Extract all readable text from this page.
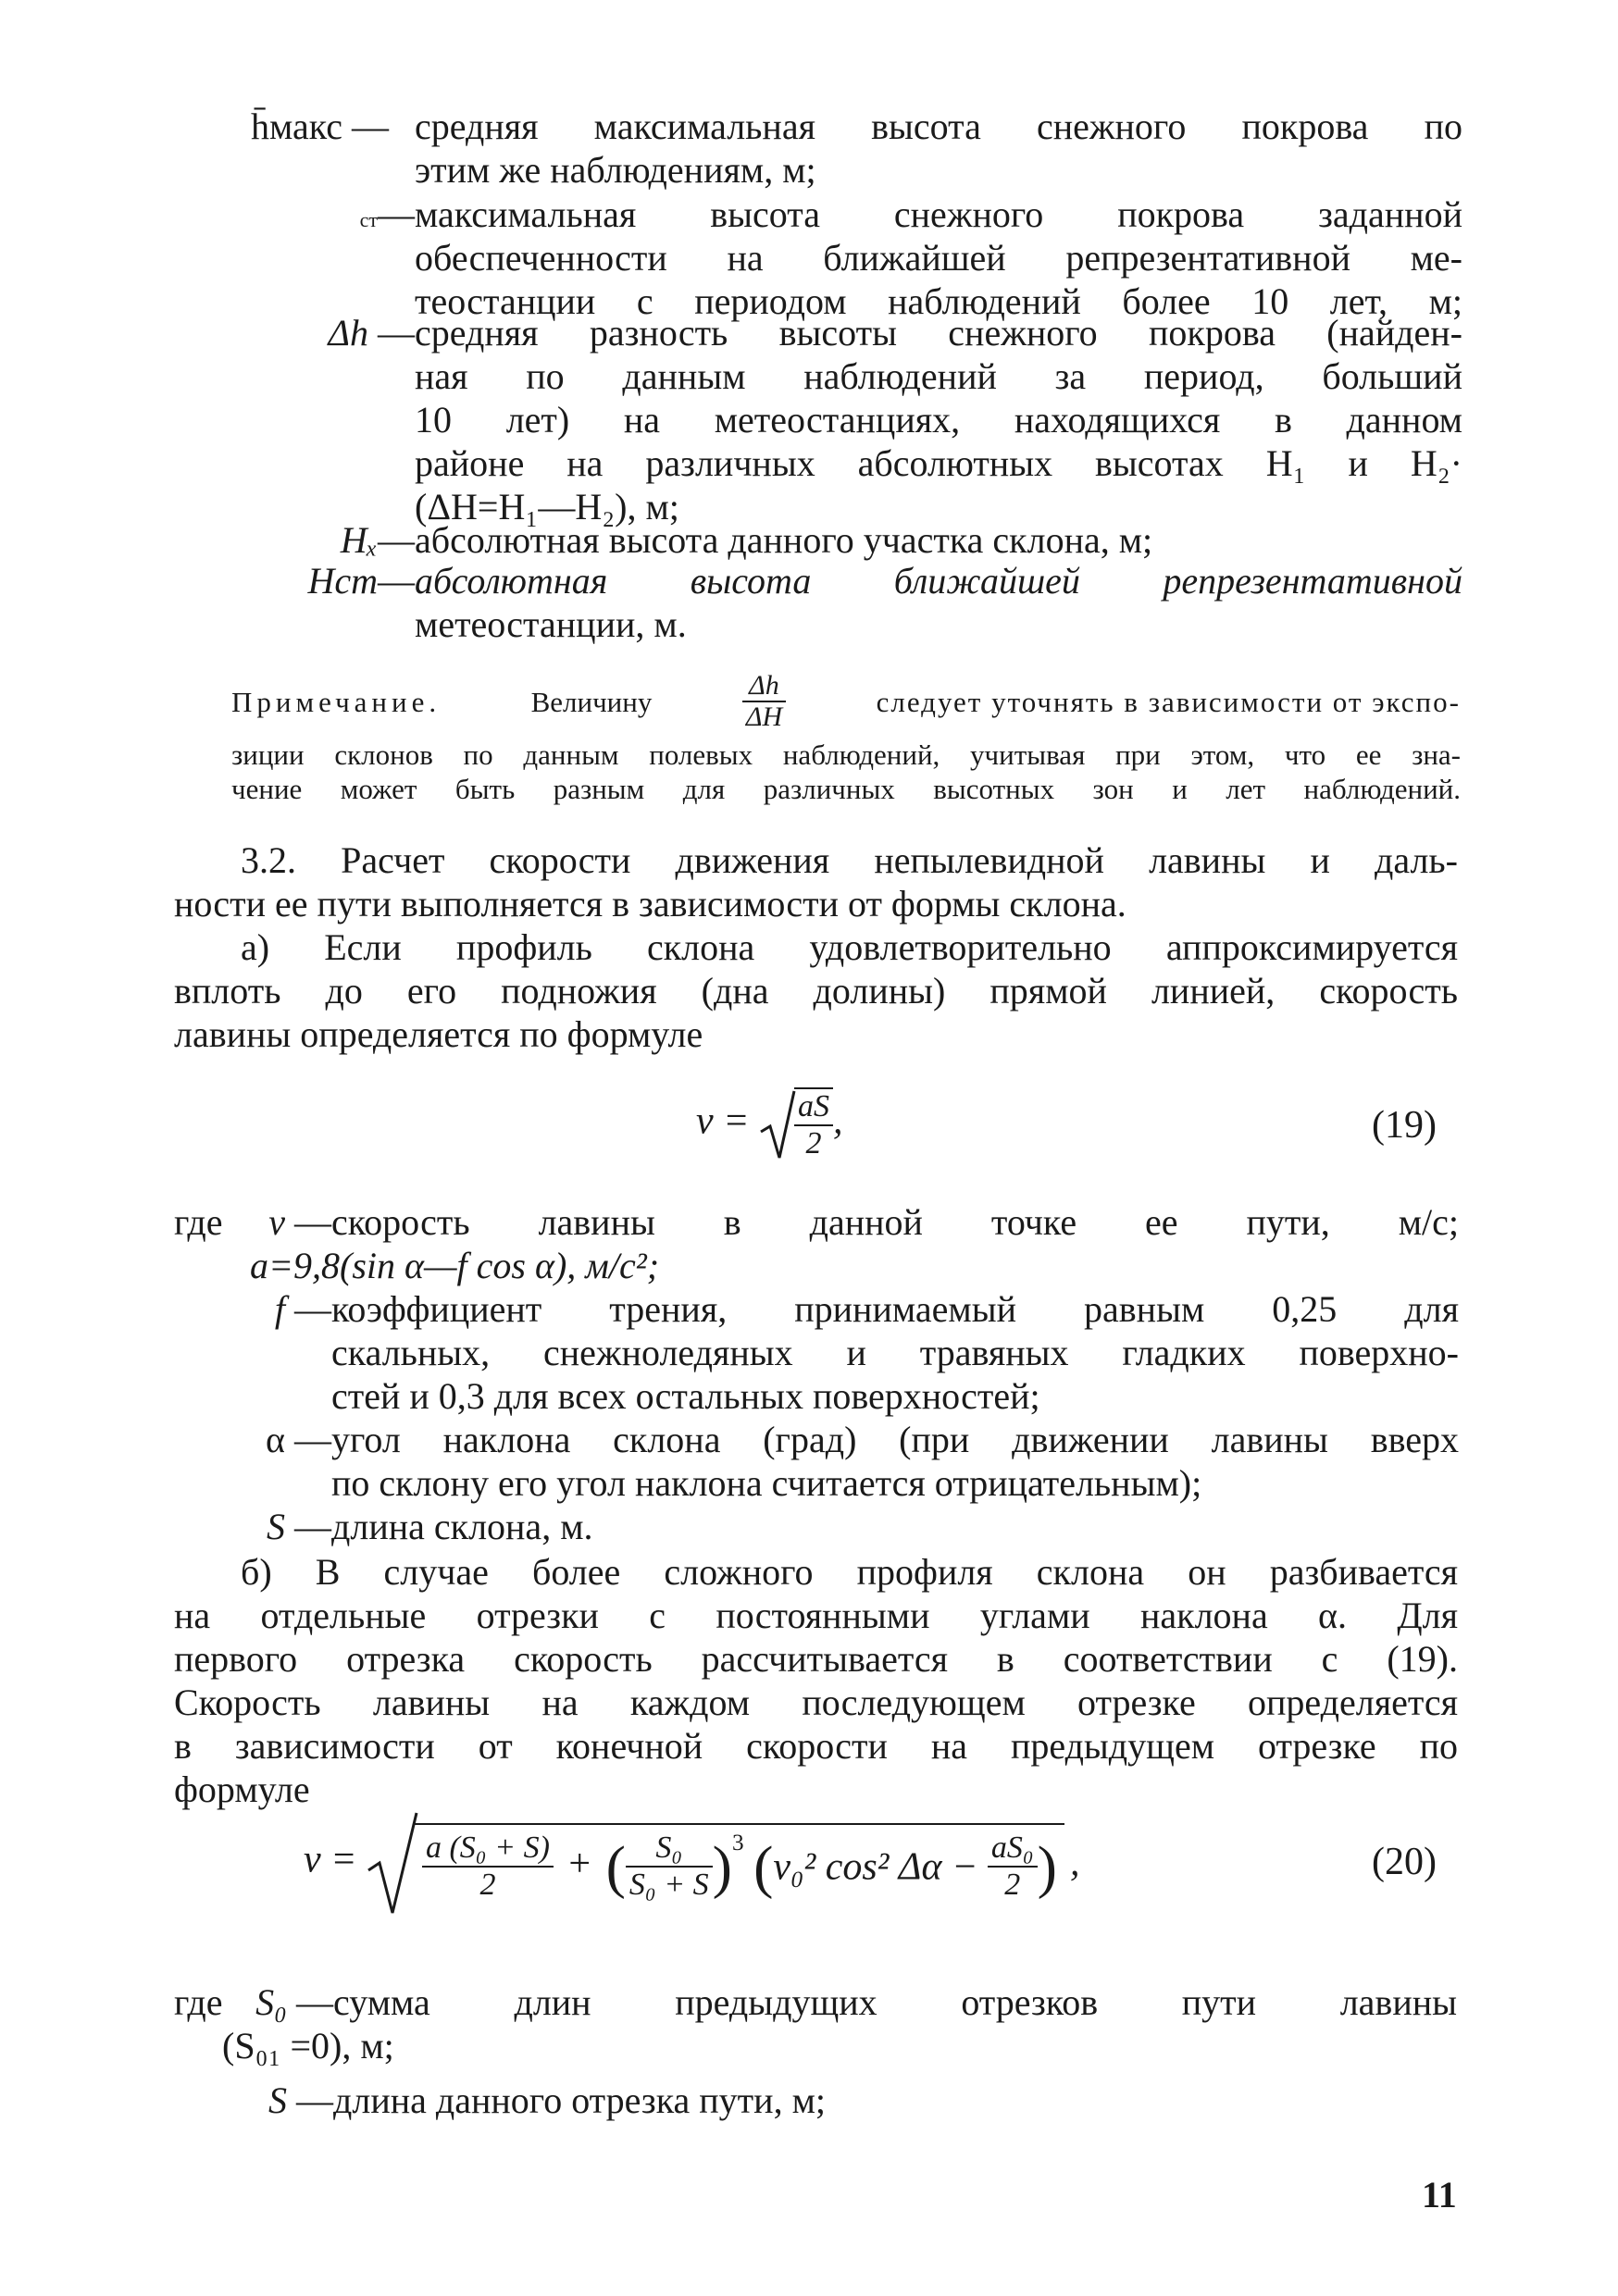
h̄макс — средняя максимальная высота снежного покрова по
этим же наблюдениям, м;
ст— максимальная высота снежного покрова заданной
обеспеченности на ближайшей репрезентативной ме-
теостанции с периодом наблюдений более 10 лет, м;
Δh — средняя разность высоты снежного покрова (найден-
ная по данным наблюдений за период, больший
10 лет) на метеостанциях, находящихся в данном
районе на различных абсолютных высотах H₁ и H₂·
(ΔH=H₁—H₂), м;
Hₓ— абсолютная высота данного участка склона, м;
Hст— абсолютная высота ближайшей репрезентативной
метеостанции, м.
Примечание.	Величину	$\frac{\Delta h}{\Delta H}$	следует уточнять в зависимости от экспо-
зиции склонов по данным полевых наблюдений, учитывая при этом, что ее зна-
чение может быть разным для различных высотных зон и лет наблюдений.
3.2. Расчет скорости движения непылевидной лавины и даль-
ности ее пути выполняется в зависимости от формы склона.
а) Если профиль склона удовлетворительно аппроксимируется
вплоть до его подножия (дна долины) прямой линией, скорость
лавины определяется по формуле
$v = \frac{aS}{2}$ ,	(19)
где	v — скорость лавины в данной точке ее пути, м/с;
a=9,8(sin α—f cos α), м/с²;
f — коэффициент трения, принимаемый равным 0,25 для
скальных, снежноледяных и травяных гладких поверхно-
стей и 0,3 для всех остальных поверхностей;
α — угол наклона склона (град) (при движении лавины вверх
по склону его угол наклона считается отрицательным);
S — длина склона, м.
б) В случае более сложного профиля склона он разбивается
на отдельные отрезки с постоянными углами наклона α. Для
первого отрезка скорость рассчитывается в соответствии с (19).
Скорость лавины на каждом последующем отрезке определяется
в зависимости от конечной скорости на предыдущем отрезке по
формуле
$v = \frac{\text{a (S₀ + S)}}{2}$ + ( $\frac{\text{S₀}}{\text{S₀ + S}} )^3$ (v₀² cos² $\Delta\alpha - \frac{\text{aS₀}}{2}$ ) ,	(20)
где S₀ — сумма длин предыдущих отрезков пути лавины
(S₀₁ =0), м;
S — длина данного отрезка пути, м;
11
